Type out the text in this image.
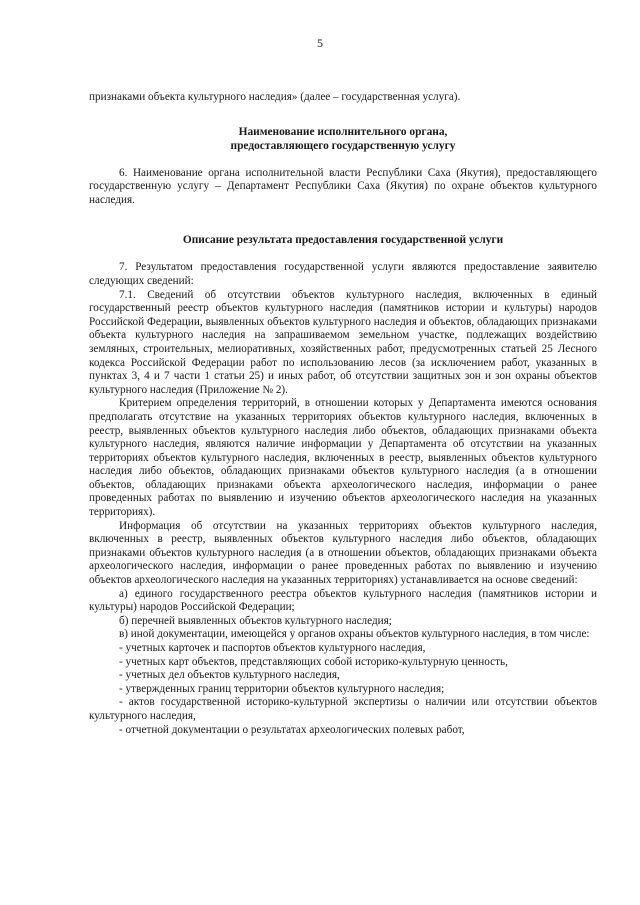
5

признаками объекта культурного наследия» (далее – государственная услуга).

Наименование исполнительного органа,

предоставляющего государственную услугу

6. Наименование органа исполнительной власти Республики Саха (Якутия), предоставляющего государственную услугу – Департамент Республики Саха (Якутия) по охране объектов культурного наследия.

Описание результата предоставления государственной услуги

7. Результатом предоставления государственной услуги являются предоставление заявителю следующих сведений:

7.1. Сведений об отсутствии объектов культурного наследия, включенных в единый государственный реестр объектов культурного наследия (памятников истории и культуры) народов Российской Федерации, выявленных объектов культурного наследия и объектов, обладающих признаками объекта культурного наследия на запрашиваемом земельном участке, подлежащих воздействию земляных, строительных, мелиоративных, хозяйственных работ, предусмотренных статьей 25 Лесного кодекса Российской Федерации работ по использованию лесов (за исключением работ, указанных в пунктах 3, 4 и 7 части 1 статьи 25) и иных работ, об отсутствии защитных зон и зон охраны объектов культурного наследия (Приложение № 2).

Критерием определения территорий, в отношении которых у Департамента имеются основания предполагать отсутствие на указанных территориях объектов культурного наследия, включенных в реестр, выявленных объектов культурного наследия либо объектов, обладающих признаками объекта культурного наследия, являются наличие информации у Департамента об отсутствии на указанных территориях объектов культурного наследия, включенных в реестр, выявленных объектов культурного наследия либо объектов, обладающих признаками объектов культурного наследия (а в отношении объектов, обладающих признаками объекта археологического наследия, информации о ранее проведенных работах по выявлению и изучению объектов археологического наследия на указанных территориях).

Информация об отсутствии на указанных территориях объектов культурного наследия, включенных в реестр, выявленных объектов культурного наследия либо объектов, обладающих признаками объектов культурного наследия (а в отношении объектов, обладающих признаками объекта археологического наследия, информации о ранее проведенных работах по выявлению и изучению объектов археологического наследия на указанных территориях) устанавливается на основе сведений:

а) единого государственного реестра объектов культурного наследия (памятников истории и культуры) народов Российской Федерации;

б) перечней выявленных объектов культурного наследия;

в) иной документации, имеющейся у органов охраны объектов культурного наследия, в том числе:

- учетных карточек и паспортов объектов культурного наследия,

- учетных карт объектов, представляющих собой историко-культурную ценность,

- учетных дел объектов культурного наследия,

- утвержденных границ территории объектов культурного наследия;

- актов государственной историко-культурной экспертизы о наличии или отсутствии объектов культурного наследия,

- отчетной документации о результатах археологических полевых работ,
